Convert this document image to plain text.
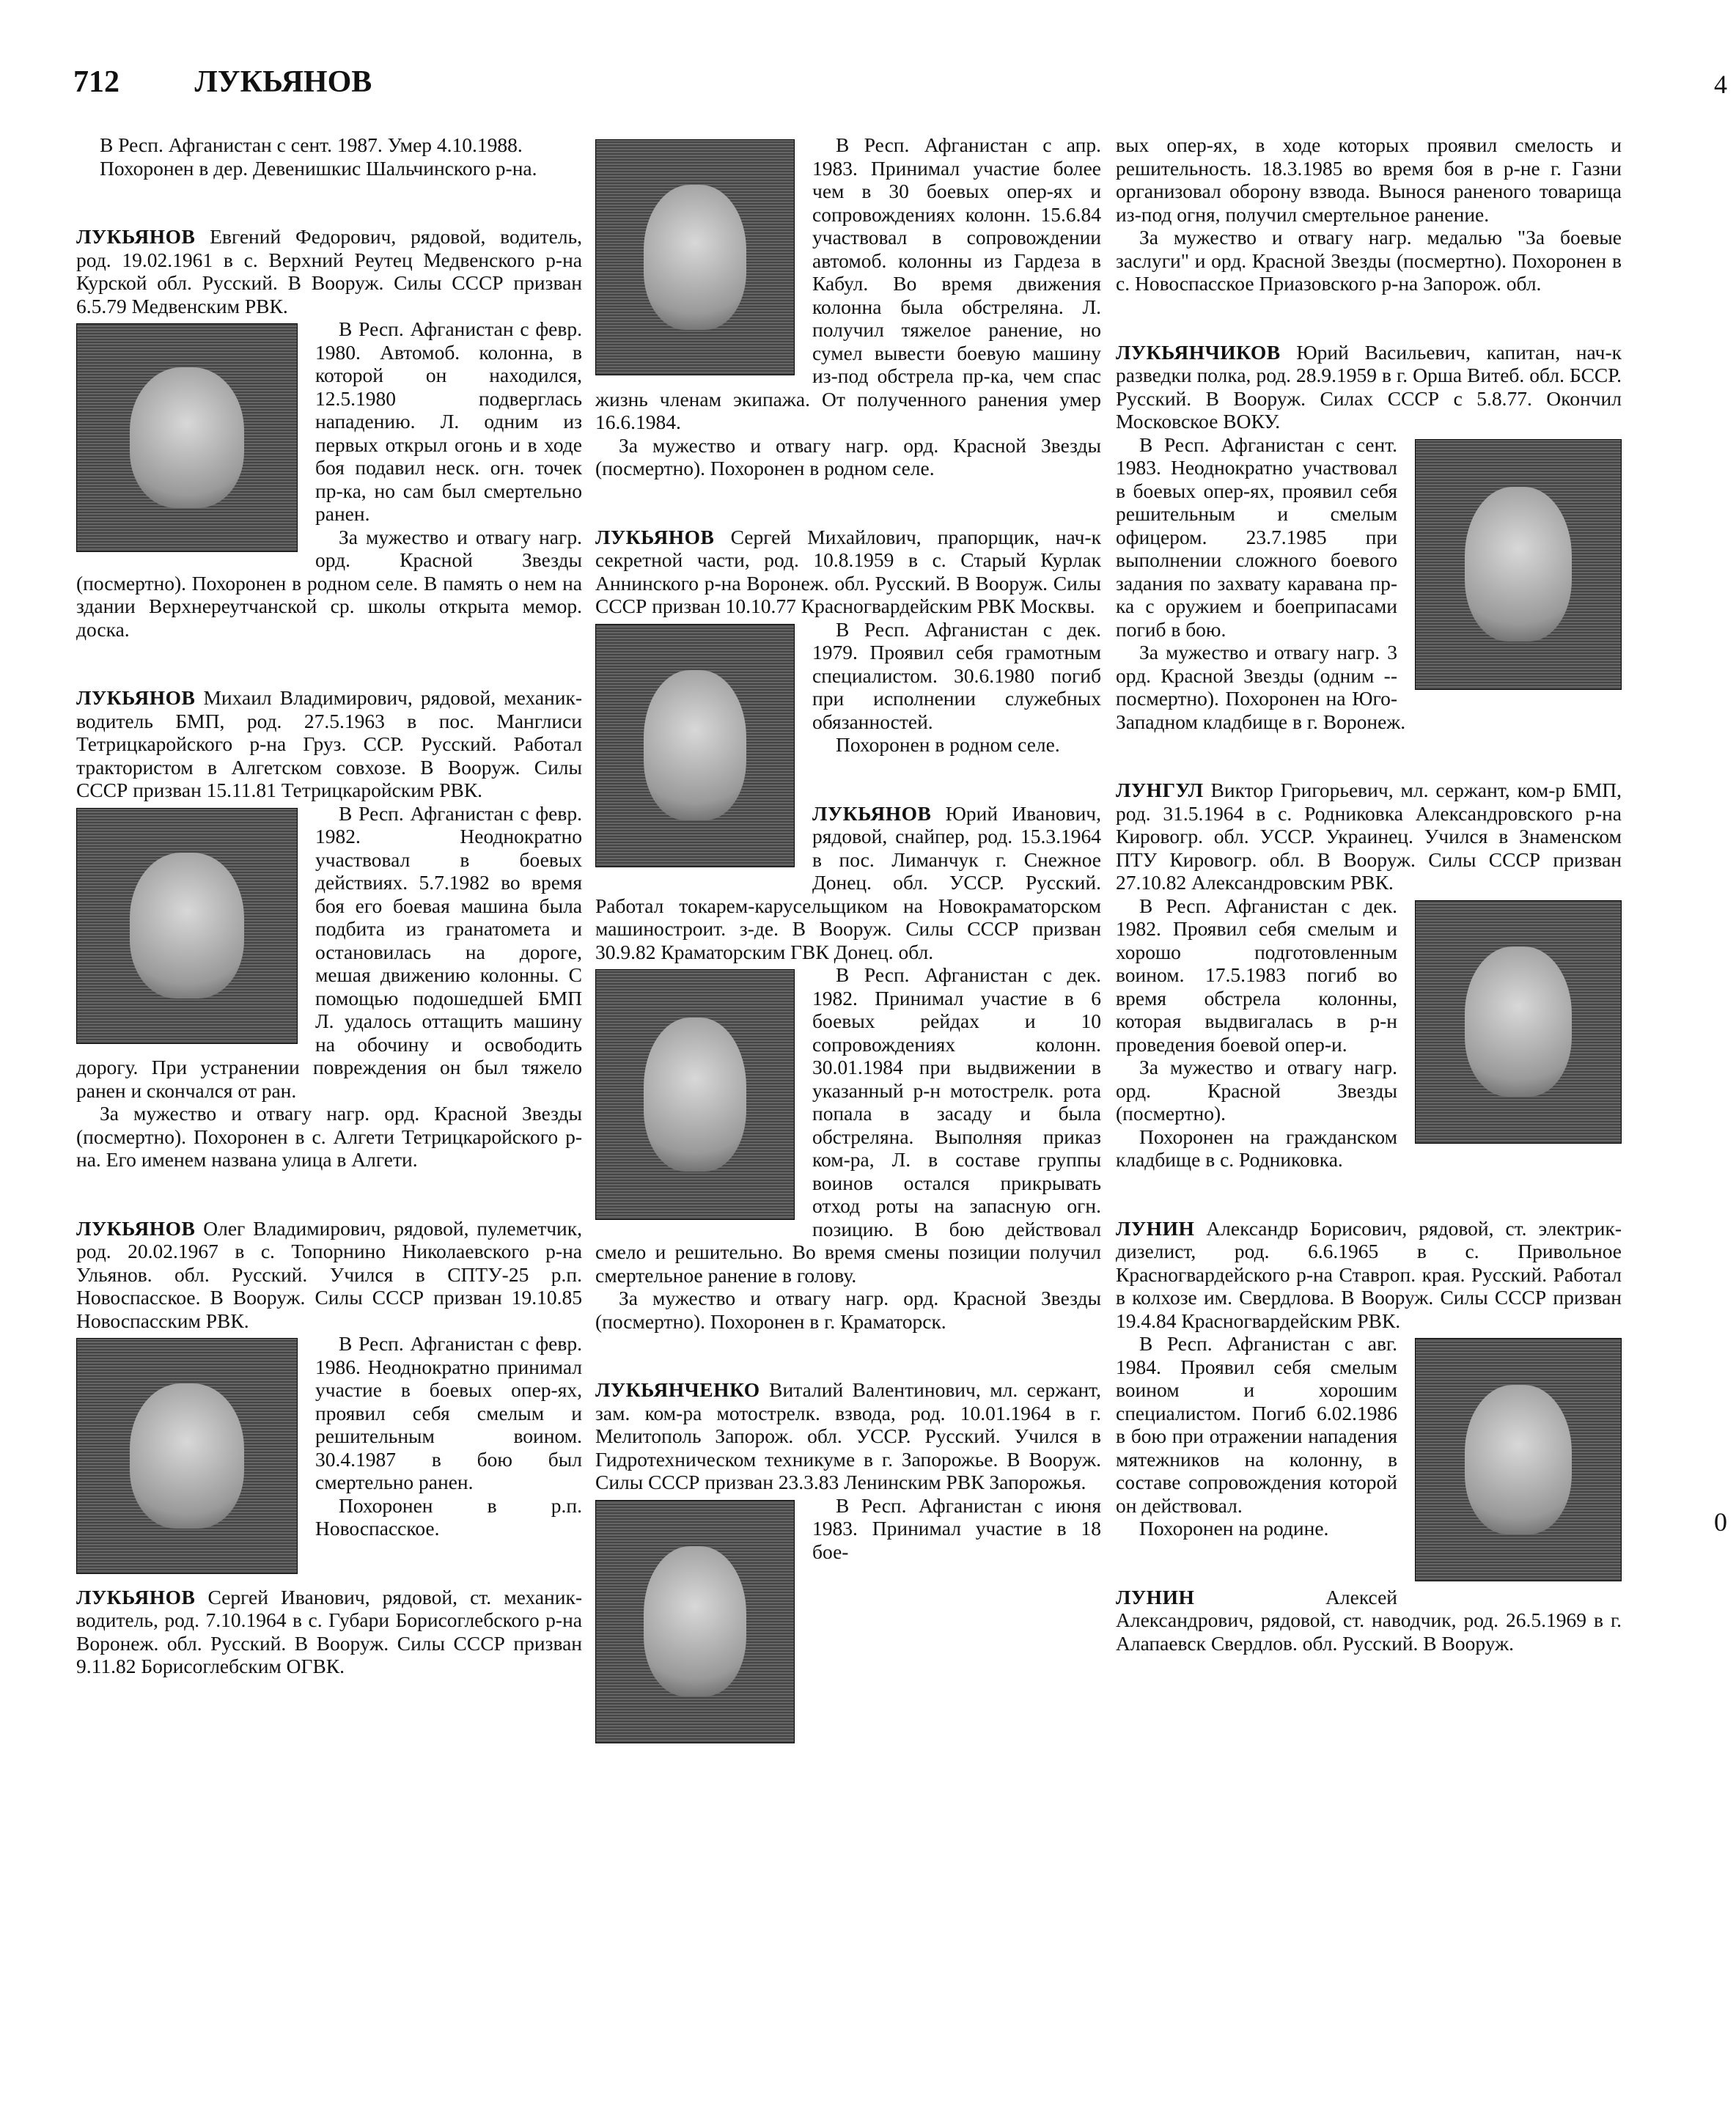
712 ЛУКЬЯНОВ	4
0

В Респ. Афганистан с сент. 1987. Умер 4.10.1988.

Похоронен в дер. Девенишкис Шальчинского р-на.

ЛУКЬЯНОВ Евгений Федорович, рядовой, водитель, род. 19.02.1961 в с. Верхний Реутец Медвенского р-на Курской обл. Русский. В Вооруж. Силы СССР призван 6.5.79 Медвенским РВК.

В Респ. Афганистан с февр. 1980. Автомоб. колонна, в которой он находился, 12.5.1980 подверглась нападению. Л. одним из первых открыл огонь и в ходе боя подавил неск. огн. точек пр-ка, но сам был смертельно ранен.

За мужество и отвагу нагр. орд. Красной Звезды (посмертно). Похоронен в родном селе. В память о нем на здании Верхнереутчанской ср. школы открыта мемор. доска.

ЛУКЬЯНОВ Михаил Владимирович, рядовой, механик-водитель БМП, род. 27.5.1963 в пос. Манглиси Тетрицкаройского р-на Груз. ССР. Русский. Работал трактористом в Алгетском совхозе. В Вооруж. Силы СССР призван 15.11.81 Тетрицкаройским РВК.

В Респ. Афганистан с февр. 1982. Неоднократно участвовал в боевых действиях. 5.7.1982 во время боя его боевая машина была подбита из гранатомета и остановилась на дороге, мешая движению колонны. С помощью подошедшей БМП Л. удалось оттащить машину на обочину и освободить дорогу. При устранении повреждения он был тяжело ранен и скончался от ран.

За мужество и отвагу нагр. орд. Красной Звезды (посмертно). Похоронен в с. Алгети Тетрицкаройского р-на. Его именем названа улица в Алгети.

ЛУКЬЯНОВ Олег Владимирович, рядовой, пулеметчик, род. 20.02.1967 в с. Топорнино Николаевского р-на Ульянов. обл. Русский. Учился в СПТУ-25 р.п. Новоспасское. В Вооруж. Силы СССР призван 19.10.85 Новоспасским РВК.

В Респ. Афганистан с февр. 1986. Неоднократно принимал участие в боевых опер-ях, проявил себя смелым и решительным воином. 30.4.1987 в бою был смертельно ранен.

Похоронен в р.п. Новоспасское.

ЛУКЬЯНОВ Сергей Иванович, рядовой, ст. механик-водитель, род. 7.10.1964 в с. Губари Борисоглебского р-на Воронеж. обл. Русский. В Вооруж. Силы СССР призван 9.11.82 Борисоглебским ОГВК.

В Респ. Афганистан с апр. 1983. Принимал участие более чем в 30 боевых опер-ях и сопровождениях колонн. 15.6.84 участвовал в сопровождении автомоб. колонны из Гардеза в Кабул. Во время движения колонна была обстреляна. Л. получил тяжелое ранение, но сумел вывести боевую машину из-под обстрела пр-ка, чем спас жизнь членам экипажа. От полученного ранения умер 16.6.1984.

За мужество и отвагу нагр. орд. Красной Звезды (посмертно). Похоронен в родном селе.

ЛУКЬЯНОВ Сергей Михайлович, прапорщик, нач-к секретной части, род. 10.8.1959 в с. Старый Курлак Аннинского р-на Воронеж. обл. Русский. В Вооруж. Силы СССР призван 10.10.77 Красногвардейским РВК Москвы.

В Респ. Афганистан с дек. 1979. Проявил себя грамотным специалистом. 30.6.1980 погиб при исполнении служебных обязанностей.

Похоронен в родном селе.

ЛУКЬЯНОВ Юрий Иванович, рядовой, снайпер, род. 15.3.1964 в пос. Лиманчук г. Снежное Донец. обл. УССР. Русский. Работал токарем-карусельщиком на Новокраматорском машиностроит. з-де. В Вооруж. Силы СССР призван 30.9.82 Краматорским ГВК Донец. обл.

В Респ. Афганистан с дек. 1982. Принимал участие в 6 боевых рейдах и 10 сопровождениях колонн. 30.01.1984 при выдвижении в указанный р-н мотострелк. рота попала в засаду и была обстреляна. Выполняя приказ ком-ра, Л. в составе группы воинов остался прикрывать отход роты на запасную огн. позицию. В бою действовал смело и решительно. Во время смены позиции получил смертельное ранение в голову.

За мужество и отвагу нагр. орд. Красной Звезды (посмертно). Похоронен в г. Краматорск.

ЛУКЬЯНЧЕНКО Виталий Валентинович, мл. сержант, зам. ком-ра мотострелк. взвода, род. 10.01.1964 в г. Мелитополь Запорож. обл. УССР. Русский. Учился в Гидротехническом техникуме в г. Запорожье. В Вооруж. Силы СССР призван 23.3.83 Ленинским РВК Запорожья.

В Респ. Афганистан с июня 1983. Принимал участие в 18 бое-

вых опер-ях, в ходе которых проявил смелость и решительность. 18.3.1985 во время боя в р-не г. Газни организовал оборону взвода. Вынося раненого товарища из-под огня, получил смертельное ранение.

За мужество и отвагу нагр. медалью "За боевые заслуги" и орд. Красной Звезды (посмертно). Похоронен в с. Новоспасское Приазовского р-на Запорож. обл.

ЛУКЬЯНЧИКОВ Юрий Васильевич, капитан, нач-к разведки полка, род. 28.9.1959 в г. Орша Витеб. обл. БССР. Русский. В Вооруж. Силах СССР с 5.8.77. Окончил Московское ВОКУ.

В Респ. Афганистан с сент. 1983. Неоднократно участвовал в боевых опер-ях, проявил себя решительным и смелым офицером. 23.7.1985 при выполнении сложного боевого задания по захвату каравана пр-ка с оружием и боеприпасами погиб в бою.

За мужество и отвагу нагр. 3 орд. Красной Звезды (одним -- посмертно). Похоронен на Юго-Западном кладбище в г. Воронеж.

ЛУНГУЛ Виктор Григорьевич, мл. сержант, ком-р БМП, род. 31.5.1964 в с. Родниковка Александровского р-на Кировогр. обл. УССР. Украинец. Учился в Знаменском ПТУ Кировогр. обл. В Вооруж. Силы СССР призван 27.10.82 Александровским РВК.

В Респ. Афганистан с дек. 1982. Проявил себя смелым и хорошо подготовленным воином. 17.5.1983 погиб во время обстрела колонны, которая выдвигалась в р-н проведения боевой опер-и.

За мужество и отвагу нагр. орд. Красной Звезды (посмертно).

Похоронен на гражданском кладбище в с. Родниковка.

ЛУНИН Александр Борисович, рядовой, ст. электрик-дизелист, род. 6.6.1965 в с. Привольное Красногвардейского р-на Ставроп. края. Русский. Работал в колхозе им. Свердлова. В Вооруж. Силы СССР призван 19.4.84 Красногвардейским РВК.

В Респ. Афганистан с авг. 1984. Проявил себя смелым воином и хорошим специалистом. Погиб 6.02.1986 в бою при отражении нападения мятежников на колонну, в составе сопровождения которой он действовал.

Похоронен на родине.

ЛУНИН	Алексей Александрович, рядовой, ст. наводчик, род. 26.5.1969 в г. Алапаевск Свердлов. обл. Русский. В Вооруж.
